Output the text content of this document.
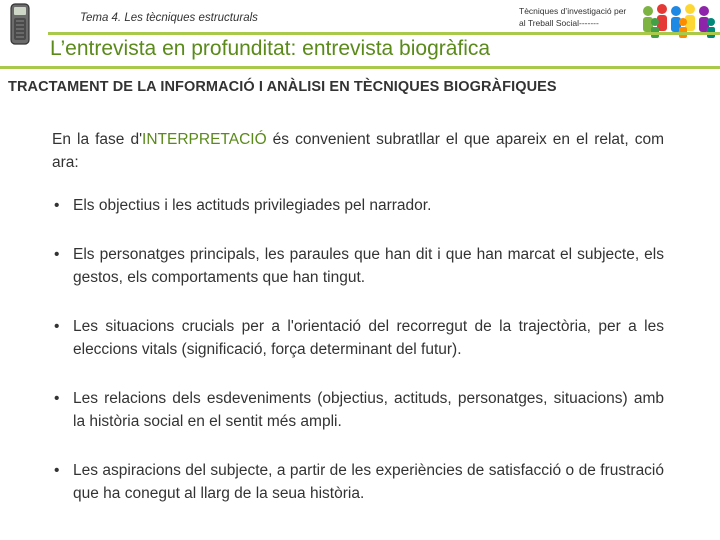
Tema 4. Les tècniques estructurals
Tècniques d’investigació per
al Treball Social-------
L’entrevista en profunditat: entrevista biogràfica
TRACTAMENT DE LA INFORMACIÓ I ANÀLISI EN TÈCNIQUES BIOGRÀFIQUES

En la fase d'INTERPRETACIÓ és convenient subratllar el que apareix en el relat, com ara:

• Els objectius i les actituds privilegiades pel narrador.
• Els personatges principals, les paraules que han dit i que han marcat el subjecte, els gestos, els comportaments que han tingut.
• Les situacions crucials per a l'orientació del recorregut de la trajectòria, per a les eleccions vitals (significació, força determinant del futur).
• Les relacions dels esdeveniments (objectius, actituds, personatges, situacions) amb la història social en el sentit més ampli.
• Les aspiracions del subjecte, a partir de les experiències de satisfacció o de frustració que ha conegut al llarg de la seua història.
